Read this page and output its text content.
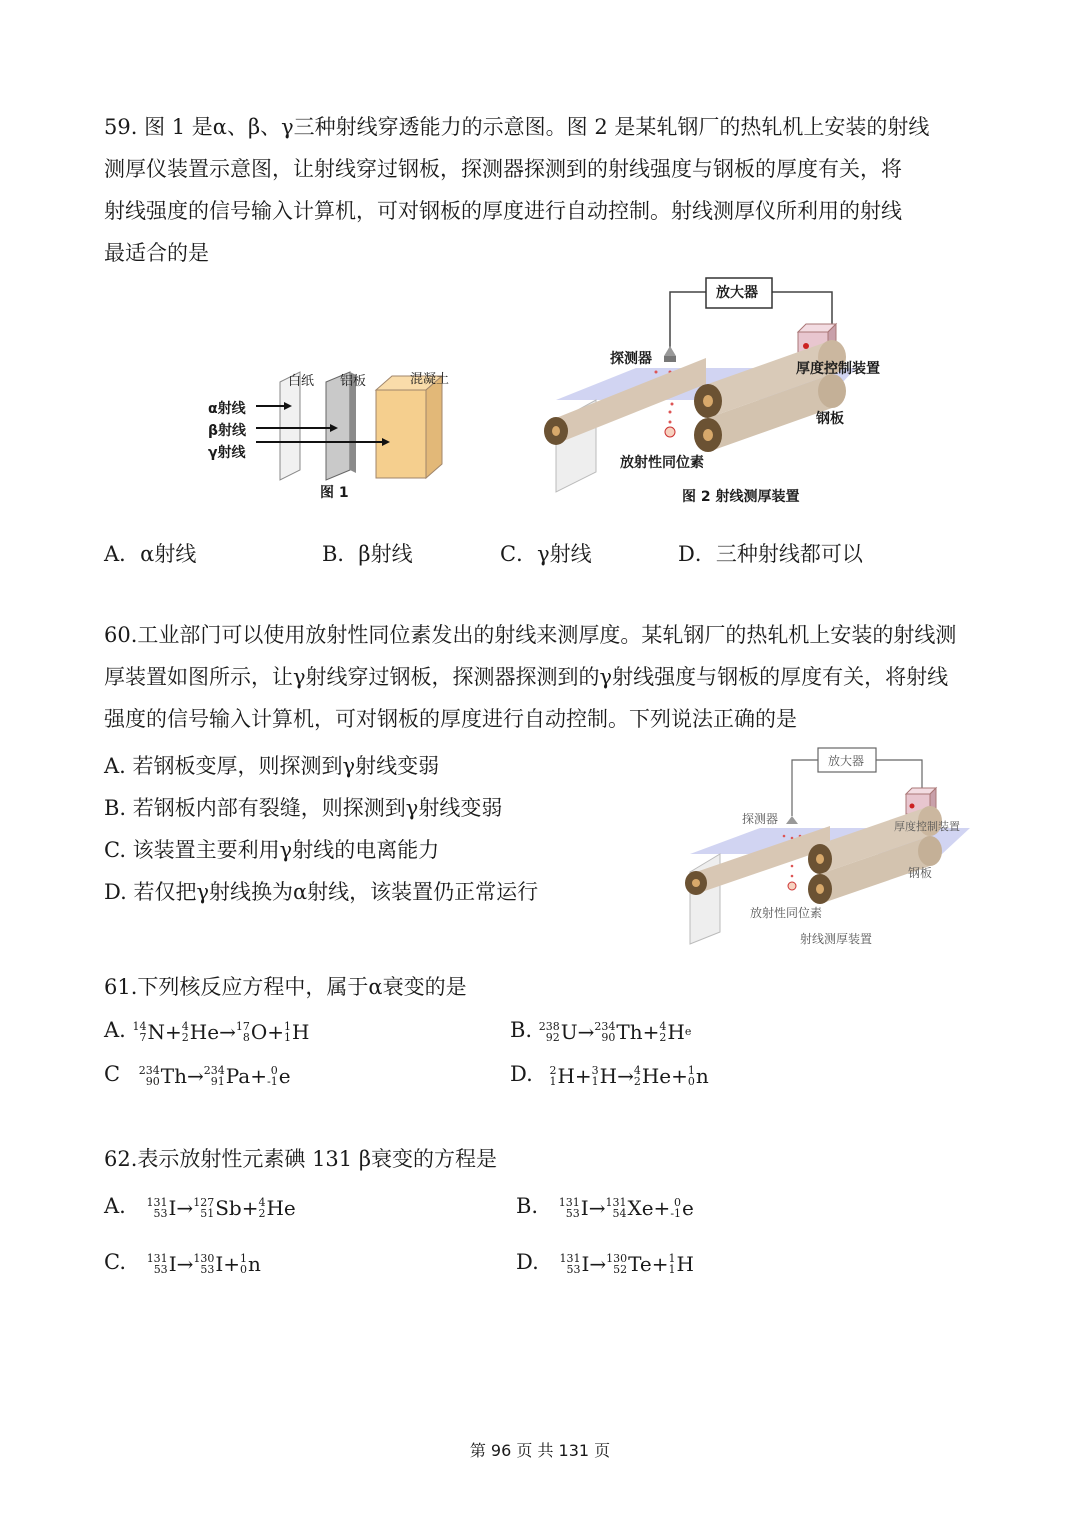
59. 图 1 是α、β、γ三种射线穿透能力的示意图。图 2 是某轧钢厂的热轧机上安装的射线
测厚仪装置示意图，让射线穿过钢板，探测器探测到的射线强度与钢板的厚度有关，将
射线强度的信号输入计算机，可对钢板的厚度进行自动控制。射线测厚仪所利用的射线
最适合的是
白纸 铝板	混凝土
α射线
β射线
γ射线
图 1
放大器
探测器
厚度控制装置
钢板
放射性同位素
图 2 射线测厚装置
A．α射线	B．β射线	C．γ射线	D．三种射线都可以
60.工业部门可以使用放射性同位素发出的射线来测厚度。某轧钢厂的热轧机上安装的射线测
厚装置如图所示，让γ射线穿过钢板，探测器探测到的γ射线强度与钢板的厚度有关，将射线
强度的信号输入计算机，可对钢板的厚度进行自动控制。下列说法正确的是
A. 若钢板变厚，则探测到γ射线变弱
B. 若钢板内部有裂缝，则探测到γ射线变弱
C. 该装置主要利用γ射线的电离能力
D. 若仅把γ射线换为α射线，该装置仍正常运行
放大器
探测器
厚度控制装置
钢板
放射性同位素
射线测厚装置
61.下列核反应方程中，属于α衰变的是
A. 14
7 N+ 4
2 He→ 17
8 O+ 1
1 H	B. 238
92 U→ 234
90 Th+ 4
2 H e
C 234
90 Th→ 234
91 Pa+ 0
-1 e	D. 2
1 H+ 3
1 H→ 4
2 He+ 1
0 n
62.表示放射性元素碘 131 β衰变的方程是
A. 131
53 I→ 127
51 Sb+ 4
2 He	B. 131
53 I→ 131
54 Xe+ 0
-1 e
C. 131
53 I→ 130
53 I+ 1
0 n	D. 131
53 I→ 130
52 Te+ 1
1 H
第 96 页 共 131 页
